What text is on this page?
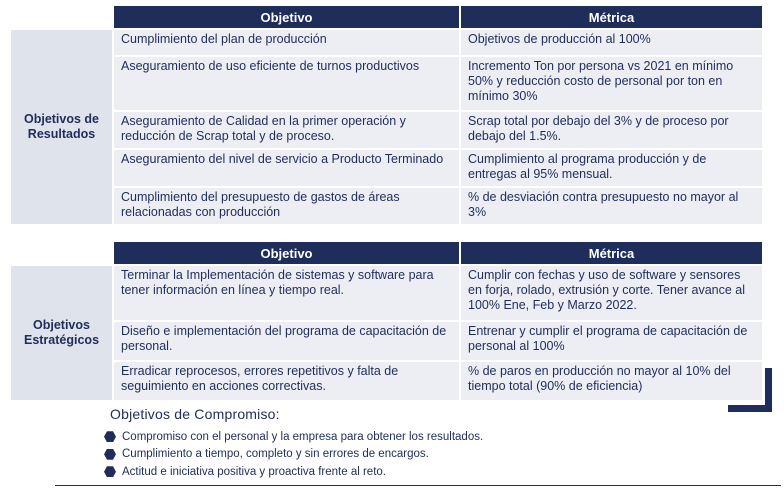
	Objetivo	Métrica
Objetivos de Resultados	Cumplimiento del plan de producción	Objetivos de producción al 100%
	Aseguramiento de uso eficiente de turnos productivos	Incremento Ton por persona vs 2021 en mínimo 50% y reducción costo de personal por ton en mínimo 30%
	Aseguramiento de Calidad en la primer operación y reducción de Scrap total y de proceso.	Scrap total por debajo del 3% y de proceso por debajo del 1.5%.
	Aseguramiento del nivel de servicio a Producto Terminado	Cumplimiento al programa producción y de entregas al 95% mensual.
	Cumplimiento del presupuesto de gastos de áreas relacionadas con producción	% de desviación contra presupuesto no mayor al 3%
	Objetivo	Métrica
Objetivos Estratégicos	Terminar la Implementación de sistemas y software para tener información en línea y tiempo real.	Cumplir con fechas y uso de software y sensores en forja, rolado, extrusión y corte. Tener avance al 100% Ene, Feb y Marzo 2022.
	Diseño e implementación del programa de capacitación de personal.	Entrenar y cumplir el programa de capacitación de personal al 100%
	Erradicar reprocesos, errores repetitivos y falta de seguimiento en acciones correctivas.	% de paros en producción no mayor al 10% del tiempo total (90% de eficiencia)
Objetivos de Compromiso:
Compromiso con el personal y la empresa para obtener los resultados.
Cumplimiento a tiempo, completo y sin errores de encargos.
Actitud e iniciativa positiva y proactiva frente al reto.
